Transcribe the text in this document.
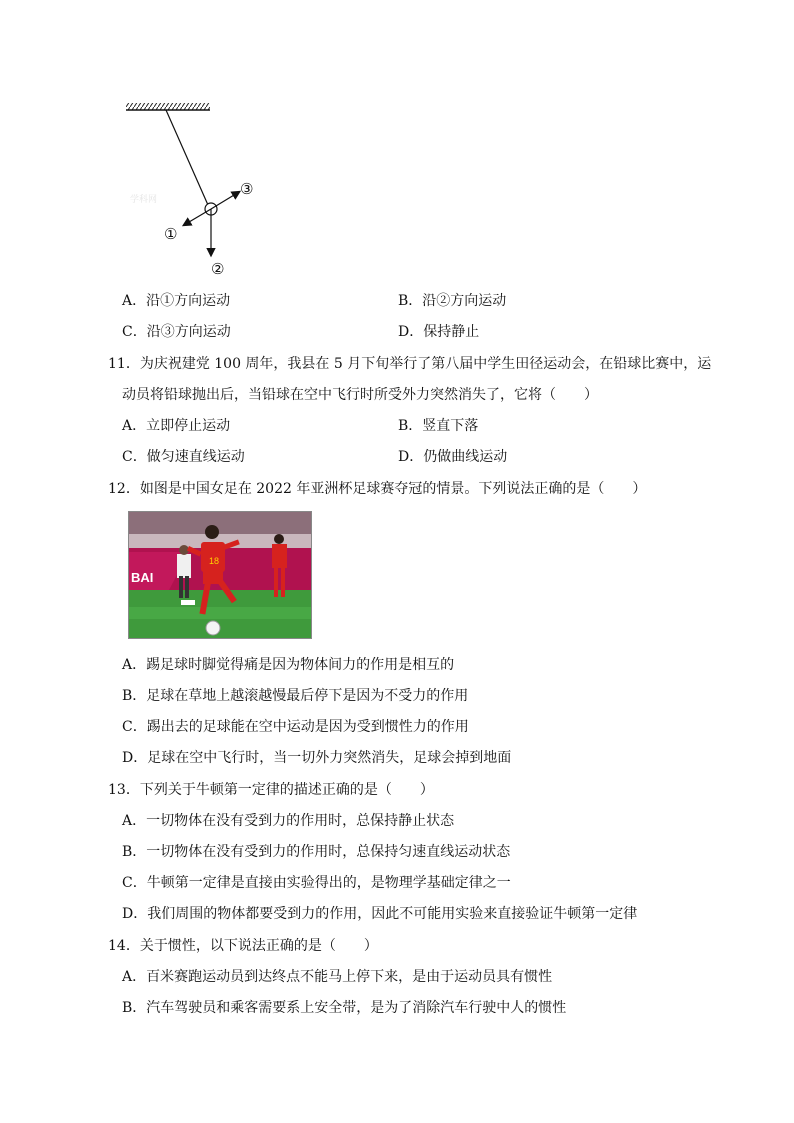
学科网
①
②
③
A．沿①方向运动	B．沿②方向运动
C．沿③方向运动	D．保持静止
11．为庆祝建党 100 周年，我县在 5 月下旬举行了第八届中学生田径运动会，在铅球比赛中，运
动员将铅球抛出后，当铅球在空中飞行时所受外力突然消失了，它将（　　）
A．立即停止运动	B．竖直下落
C．做匀速直线运动	D．仍做曲线运动
12．如图是中国女足在 2022 年亚洲杯足球赛夺冠的情景。下列说法正确的是（　　）
BAI
18
A．踢足球时脚觉得痛是因为物体间力的作用是相互的
B．足球在草地上越滚越慢最后停下是因为不受力的作用
C．踢出去的足球能在空中运动是因为受到惯性力的作用
D．足球在空中飞行时，当一切外力突然消失，足球会掉到地面
13．下列关于牛顿第一定律的描述正确的是（　　）
A．一切物体在没有受到力的作用时，总保持静止状态
B．一切物体在没有受到力的作用时，总保持匀速直线运动状态
C．牛顿第一定律是直接由实验得出的，是物理学基础定律之一
D．我们周围的物体都要受到力的作用，因此不可能用实验来直接验证牛顿第一定律
14．关于惯性，以下说法正确的是（　　）
A．百米赛跑运动员到达终点不能马上停下来，是由于运动员具有惯性
B．汽车驾驶员和乘客需要系上安全带，是为了消除汽车行驶中人的惯性
